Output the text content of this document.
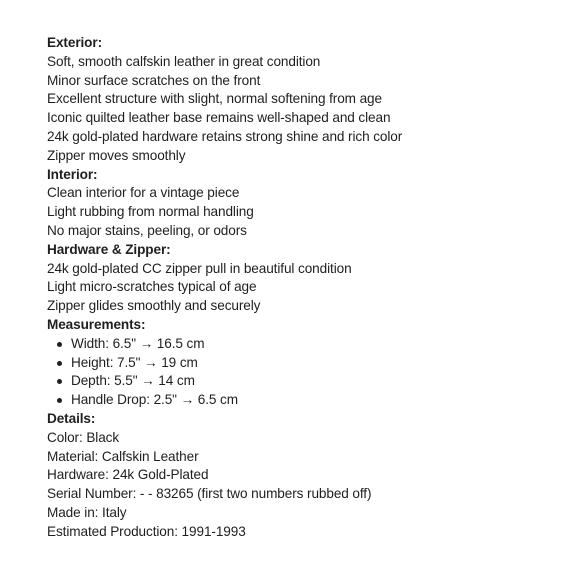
Exterior:
Soft, smooth calfskin leather in great condition
Minor surface scratches on the front
Excellent structure with slight, normal softening from age
Iconic quilted leather base remains well-shaped and clean
24k gold-plated hardware retains strong shine and rich color
Zipper moves smoothly
Interior:
Clean interior for a vintage piece
Light rubbing from normal handling
No major stains, peeling, or odors
Hardware & Zipper:
24k gold-plated CC zipper pull in beautiful condition
Light micro-scratches typical of age
Zipper glides smoothly and securely
Measurements:
Width: 6.5" → 16.5 cm
Height: 7.5" → 19 cm
Depth: 5.5" → 14 cm
Handle Drop: 2.5" → 6.5 cm
Details:
Color: Black
Material: Calfskin Leather
Hardware: 24k Gold-Plated
Serial Number: - - 83265 (first two numbers rubbed off)
Made in: Italy
Estimated Production: 1991-1993
